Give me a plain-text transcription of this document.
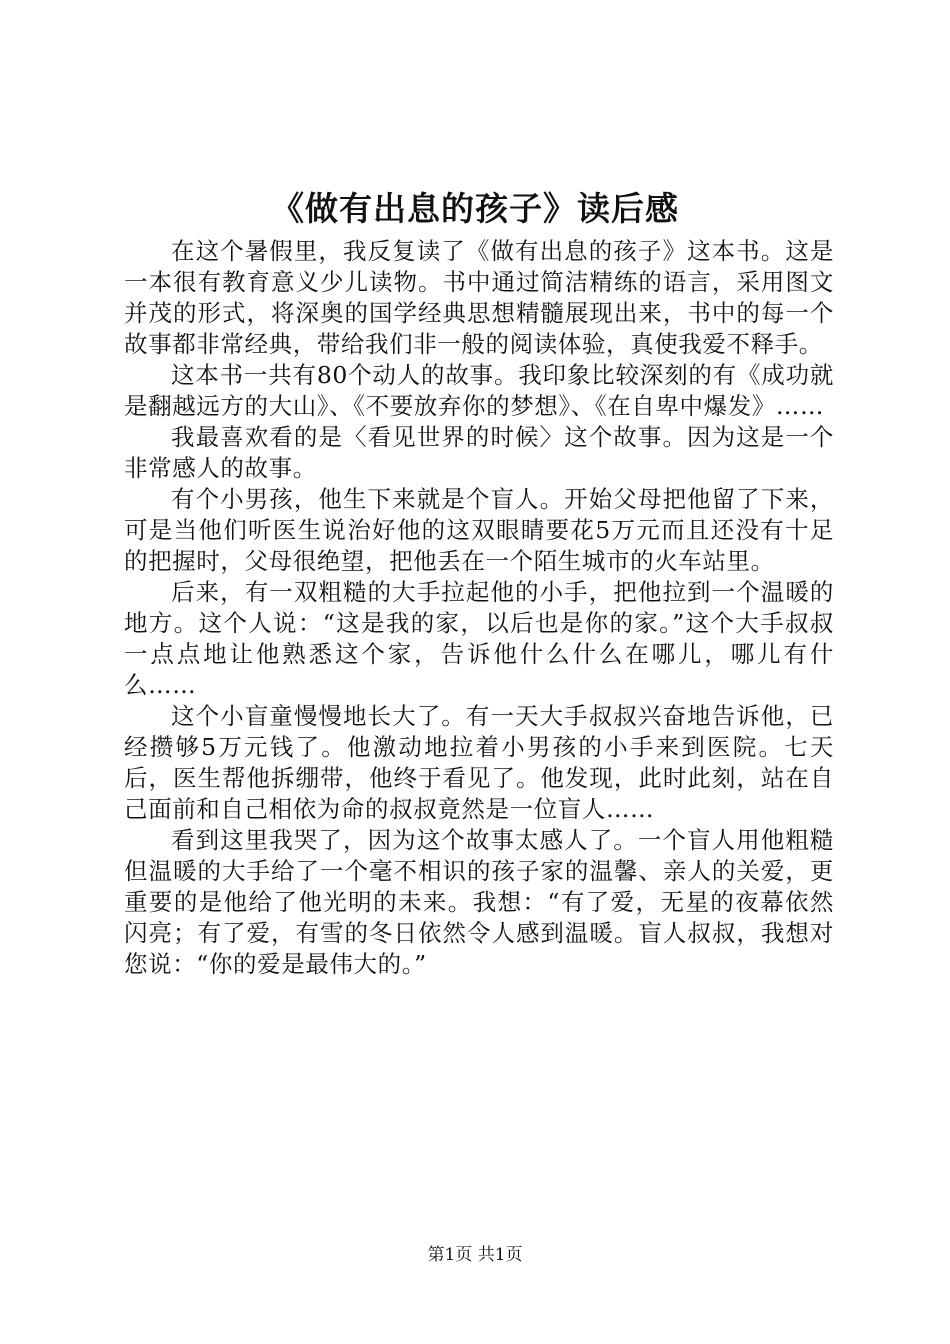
《做有出息的孩子》读后感

在这个暑假里，我反复读了《做有出息的孩子》这本书。这是一本很有教育意义少儿读物。书中通过简洁精练的语言，采用图文并茂的形式，将深奥的国学经典思想精髓展现出来，书中的每一个故事都非常经典，带给我们非一般的阅读体验，真使我爱不释手。

这本书一共有80个动人的故事。我印象比较深刻的有《成功就是翻越远方的大山》、《不要放弃你的梦想》、《在自卑中爆发》……

我最喜欢看的是〈看见世界的时候〉这个故事。因为这是一个非常感人的故事。

有个小男孩，他生下来就是个盲人。开始父母把他留了下来，可是当他们听医生说治好他的这双眼睛要花5万元而且还没有十足的把握时，父母很绝望，把他丢在一个陌生城市的火车站里。

后来，有一双粗糙的大手拉起他的小手，把他拉到一个温暖的地方。这个人说：“这是我的家，以后也是你的家。”这个大手叔叔一点点地让他熟悉这个家，告诉他什么什么在哪儿，哪儿有什么……

这个小盲童慢慢地长大了。有一天大手叔叔兴奋地告诉他，已经攒够5万元钱了。他激动地拉着小男孩的小手来到医院。七天后，医生帮他拆绷带，他终于看见了。他发现，此时此刻，站在自己面前和自己相依为命的叔叔竟然是一位盲人……

看到这里我哭了，因为这个故事太感人了。一个盲人用他粗糙但温暖的大手给了一个毫不相识的孩子家的温馨、亲人的关爱，更重要的是他给了他光明的未来。我想：“有了爱，无星的夜幕依然闪亮；有了爱，有雪的冬日依然令人感到温暖。盲人叔叔，我想对您说：“你的爱是最伟大的。”

第1页 共1页
